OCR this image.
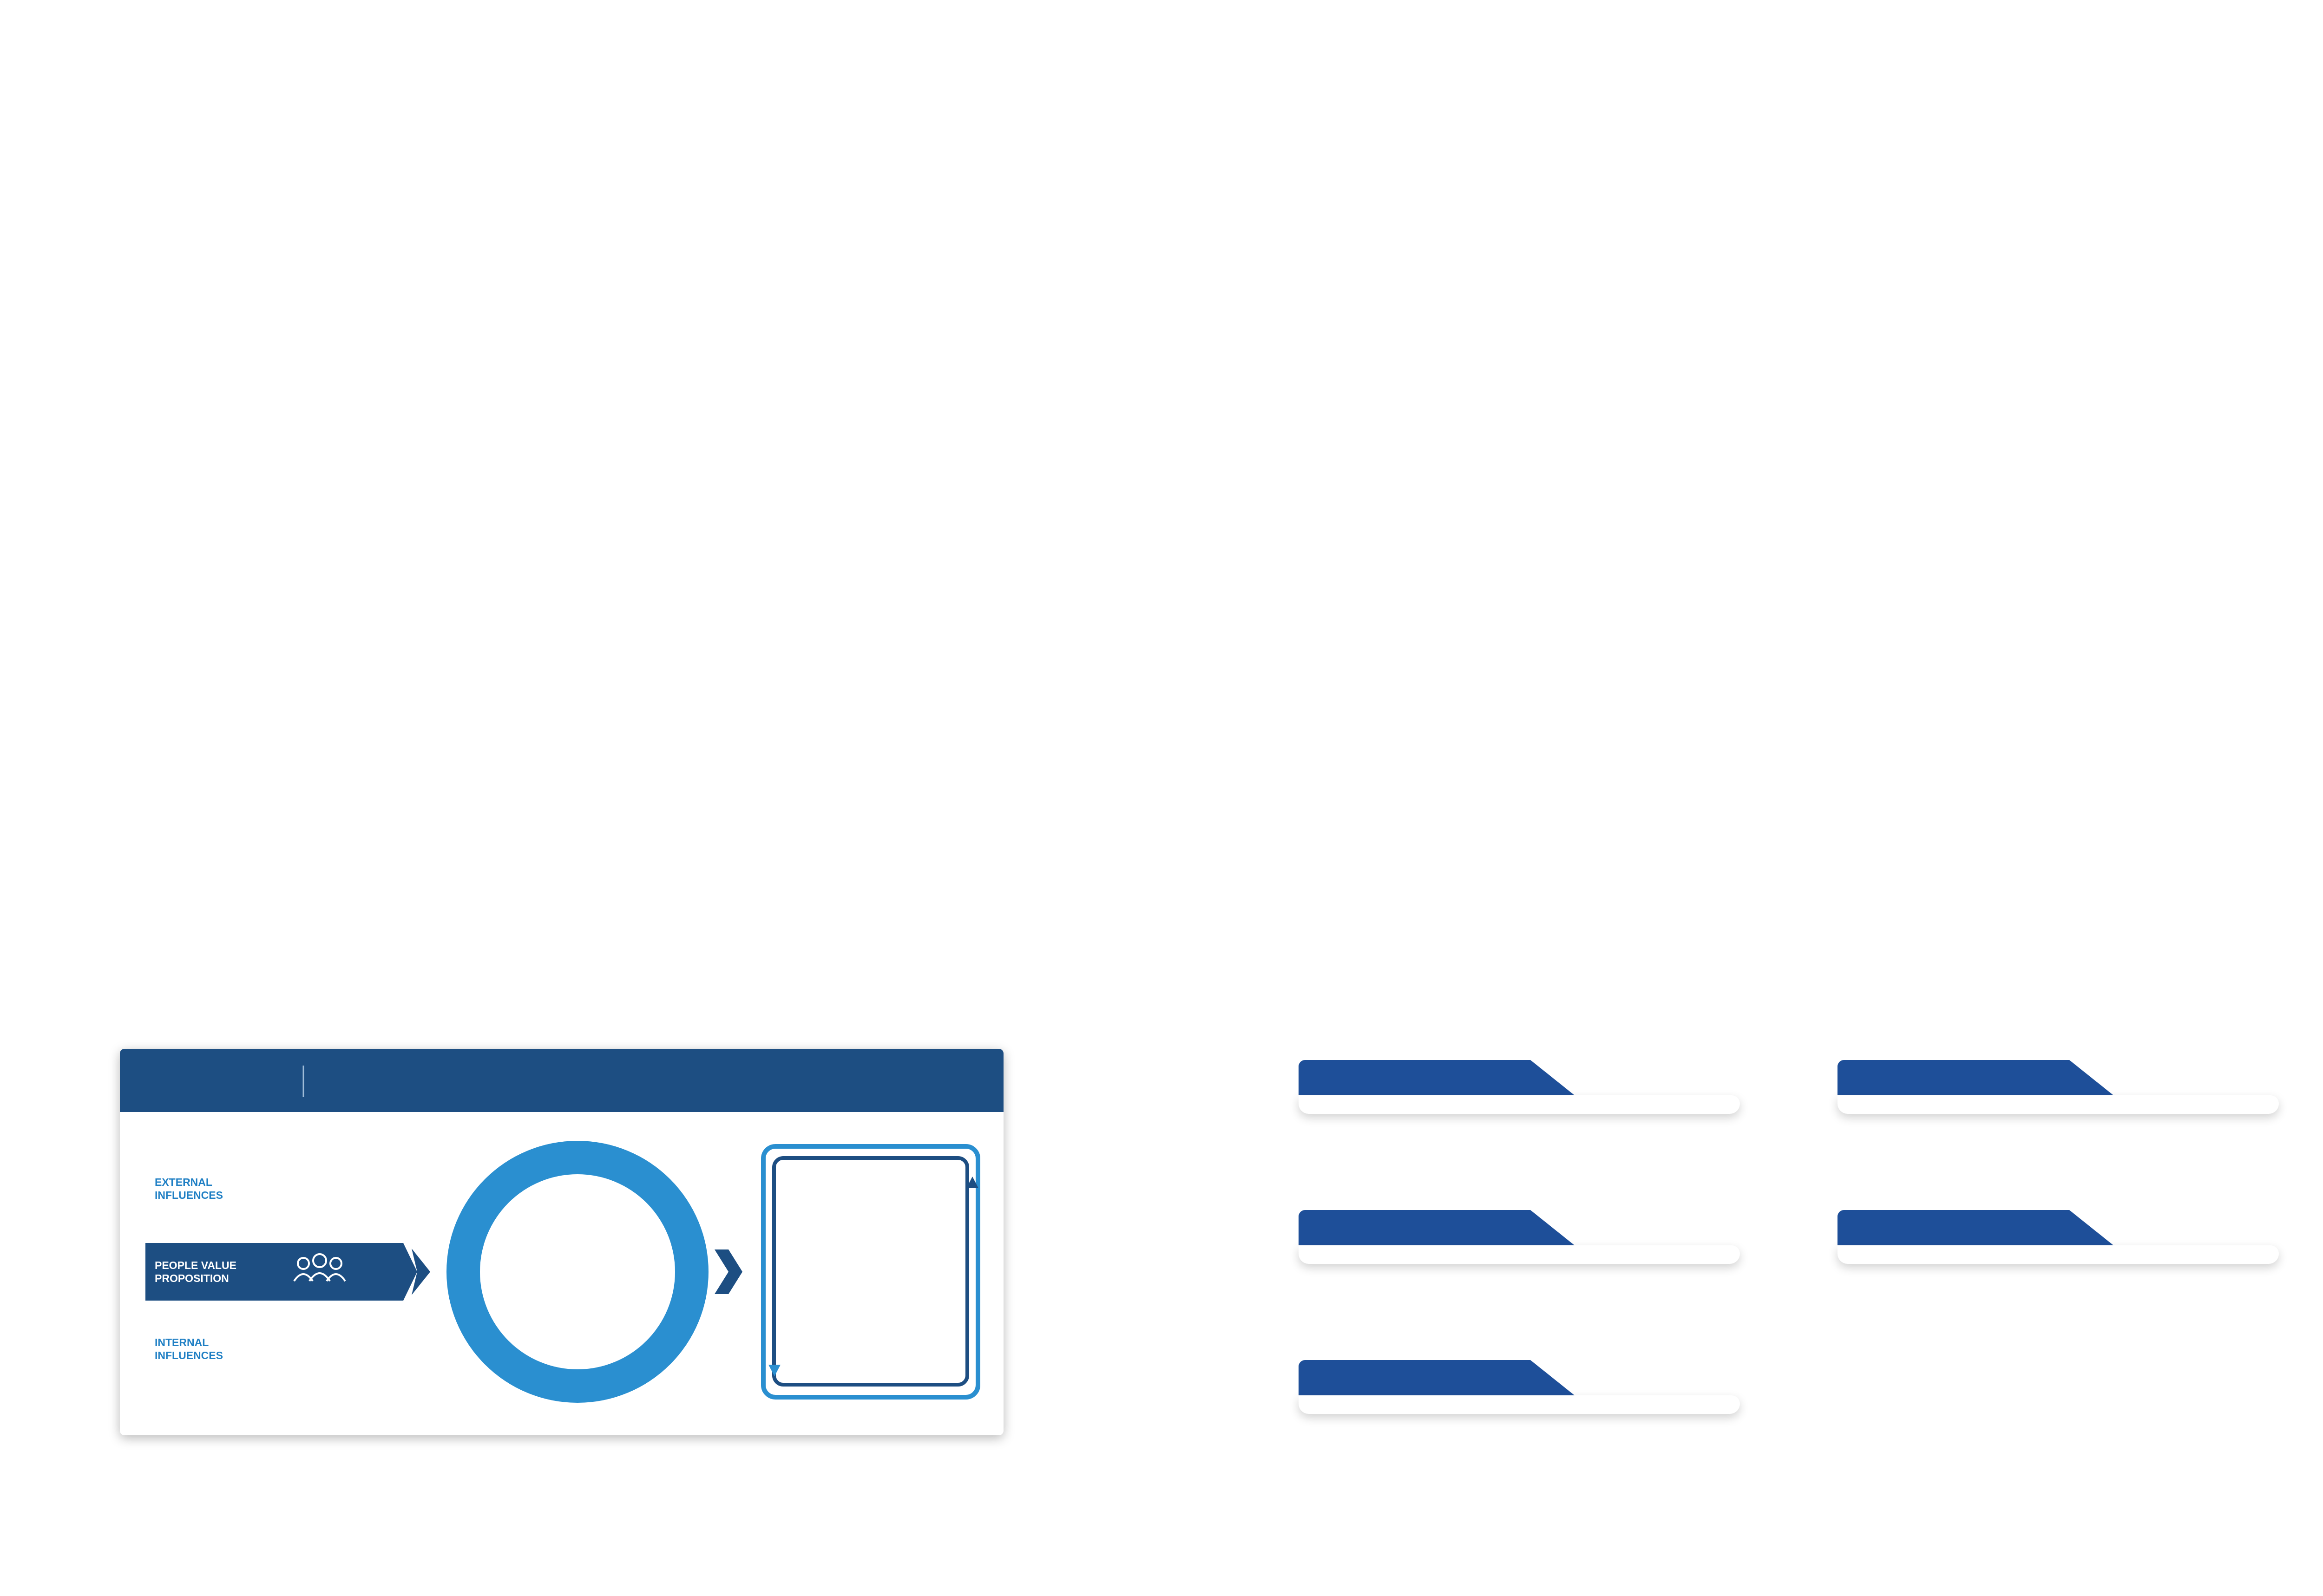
EXTERNAL INFLUENCES
PEOPLE VALUE PROPOSITION
INTERNAL INFLUENCES
